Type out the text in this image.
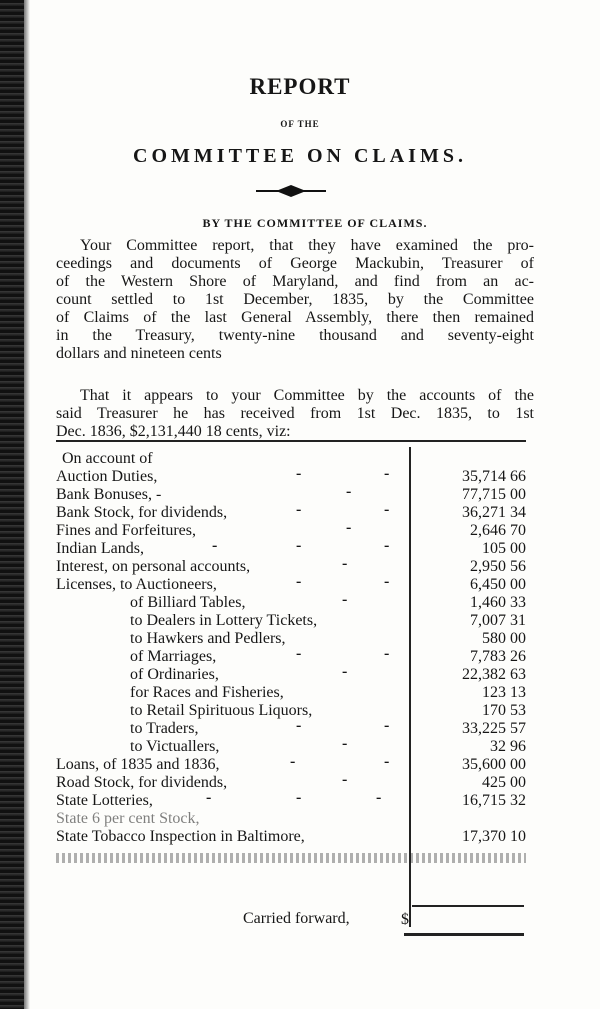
REPORT
OF THE
COMMITTEE ON CLAIMS.
BY THE COMMITTEE OF CLAIMS.
Your Committee report, that they have examined the pro-
ceedings and documents of George Mackubin, Treasurer of
of the Western Shore of Maryland, and find from an ac-
count settled to 1st December, 1835, by the Committee
of Claims of the last General Assembly, there then remained
in the Treasury, twenty-nine thousand and seventy-eight
dollars and nineteen cents
That it appears to your Committee by the accounts of the
said Treasurer he has received from 1st Dec. 1835, to 1st
Dec. 1836, $2,131,440 18 cents, viz:
On account of
Auction Duties,	-	-	35,714 66
Bank Bonuses, -	-	77,715 00
Bank Stock, for dividends,	-	-	36,271 34
Fines and Forfeitures,	-	2,646 70
Indian Lands,	-	-	-	105 00
Interest, on personal accounts,	-	2,950 56
Licenses, to Auctioneers,	-	-	6,450 00
of Billiard Tables,	-	1,460 33
to Dealers in Lottery Tickets,	7,007 31
to Hawkers and Pedlers,	580 00
of Marriages,	-	-	7,783 26
of Ordinaries,	-	22,382 63
for Races and Fisheries,	123 13
to Retail Spirituous Liquors,	170 53
to Traders,	-	-	33,225 57
to Victuallers,	-	32 96
Loans, of 1835 and 1836,	-	-	35,600 00
Road Stock, for dividends,	-	425 00
State Lotteries,	-	-	-	16,715 32
State 6 per cent Stock,
State Tobacco Inspection in Baltimore,	17,370 10
Carried forward,	$
